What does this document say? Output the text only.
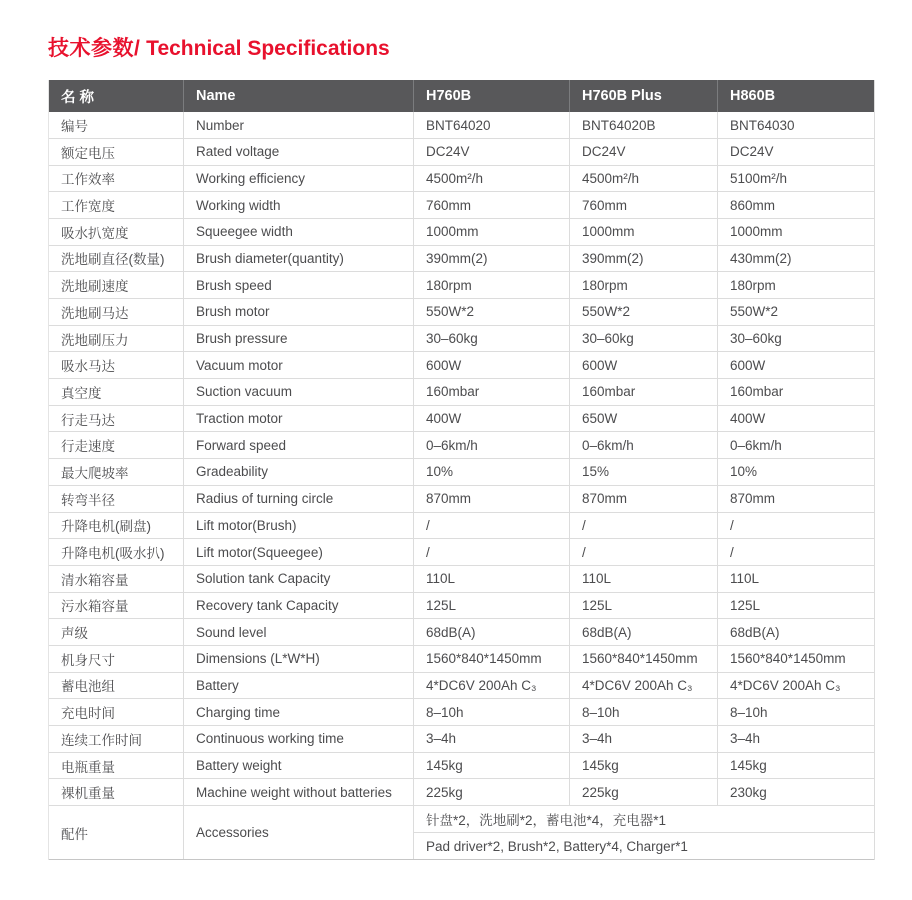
技术参数/ Technical Specifications
名 称	Name	H760B	H760B Plus	H860B
编号	Number	BNT64020	BNT64020B	BNT64030
额定电压	Rated voltage	DC24V	DC24V	DC24V
工作效率	Working efficiency	4500m²/h	4500m²/h	5100m²/h
工作宽度	Working width	760mm	760mm	860mm
吸水扒宽度	Squeegee width	1000mm	1000mm	1000mm
洗地刷直径(数量)	Brush diameter(quantity)	390mm(2)	390mm(2)	430mm(2)
洗地刷速度	Brush speed	180rpm	180rpm	180rpm
洗地刷马达	Brush motor	550W*2	550W*2	550W*2
洗地刷压力	Brush pressure	30–60kg	30–60kg	30–60kg
吸水马达	Vacuum motor	600W	600W	600W
真空度	Suction vacuum	160mbar	160mbar	160mbar
行走马达	Traction motor	400W	650W	400W
行走速度	Forward speed	0–6km/h	0–6km/h	0–6km/h
最大爬坡率	Gradeability	10%	15%	10%
转弯半径	Radius of turning circle	870mm	870mm	870mm
升降电机(刷盘)	Lift motor(Brush)	/	/	/
升降电机(吸水扒)	Lift motor(Squeegee)	/	/	/
清水箱容量	Solution tank Capacity	110L	110L	110L
污水箱容量	Recovery tank Capacity	125L	125L	125L
声级	Sound level	68dB(A)	68dB(A)	68dB(A)
机身尺寸	Dimensions (L*W*H)	1560*840*1450mm	1560*840*1450mm	1560*840*1450mm
蓄电池组	Battery	4*DC6V 200Ah C₃	4*DC6V 200Ah C₃	4*DC6V 200Ah C₃
充电时间	Charging time	8–10h	8–10h	8–10h
连续工作时间	Continuous working time	3–4h	3–4h	3–4h
电瓶重量	Battery weight	145kg	145kg	145kg
裸机重量	Machine weight without batteries	225kg	225kg	230kg
配件	Accessories
针盘*2，洗地刷*2，蓄电池*4，充电器*1
Pad driver*2, Brush*2, Battery*4, Charger*1
